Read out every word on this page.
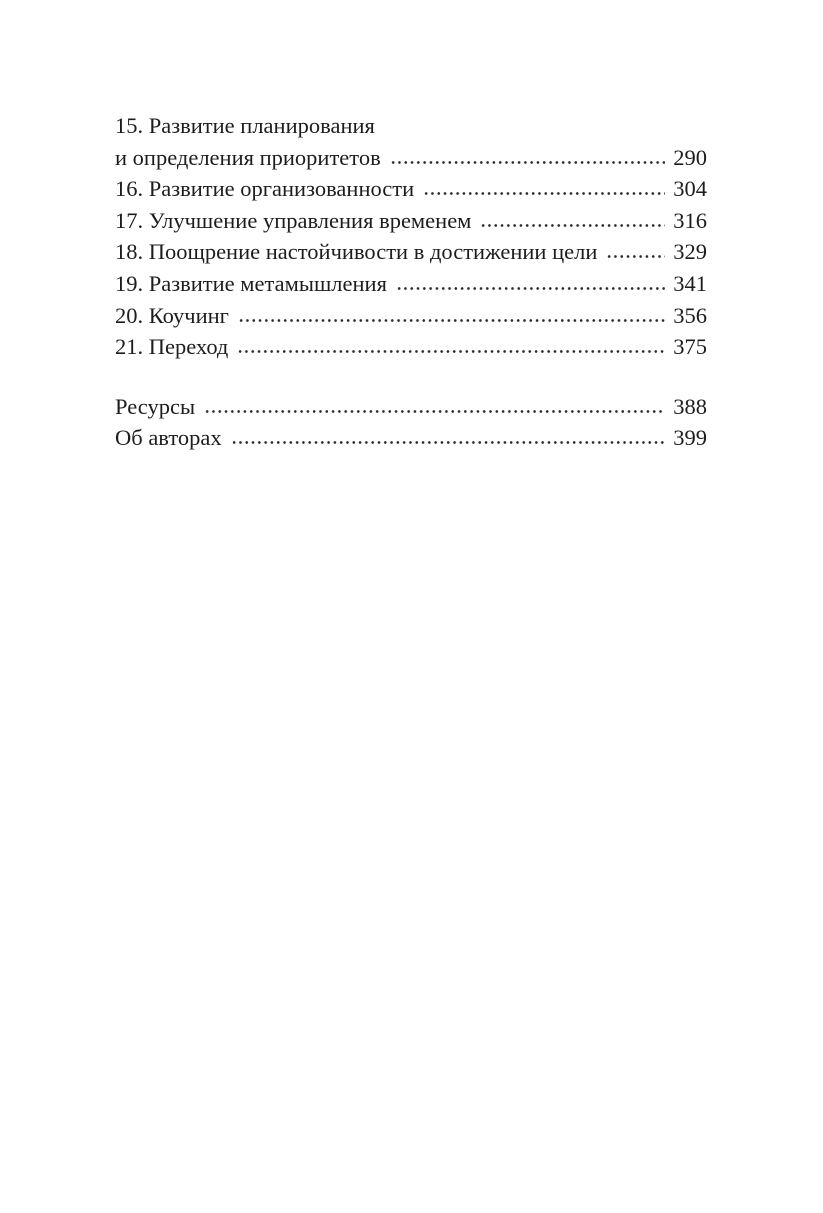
15. Развитие планирования
и определения приоритетов	290
16. Развитие организованности	304
17. Улучшение управления временем	316
18. Поощрение настойчивости в достижении цели	329
19. Развитие метамышления	341
20. Коучинг	356
21. Переход	375
Ресурсы	388
Об авторах	399
